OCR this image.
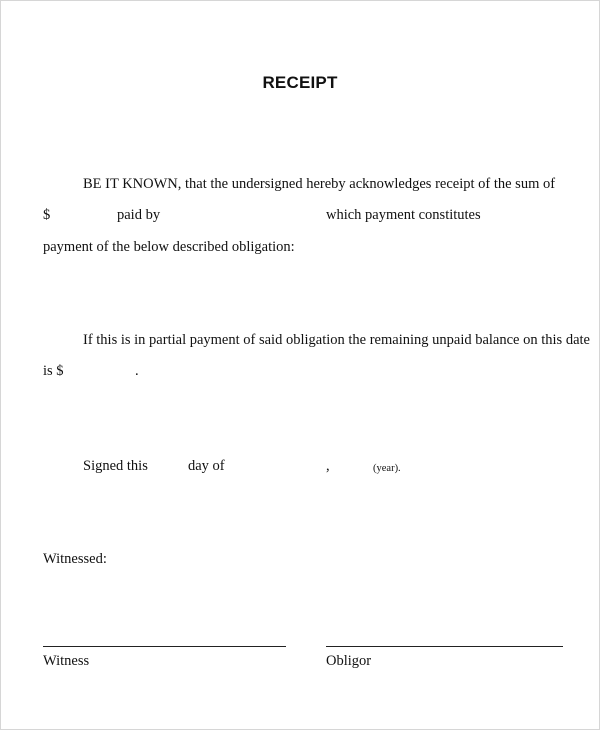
RECEIPT
BE IT KNOWN, that the undersigned hereby acknowledges receipt of the sum of
$	paid by	which payment constitutes
payment of the below described obligation:
If this is in partial payment of said obligation the remaining unpaid balance on this date
is $	.
Signed this	day of	,	(year).
Witnessed:
Witness	Obligor
